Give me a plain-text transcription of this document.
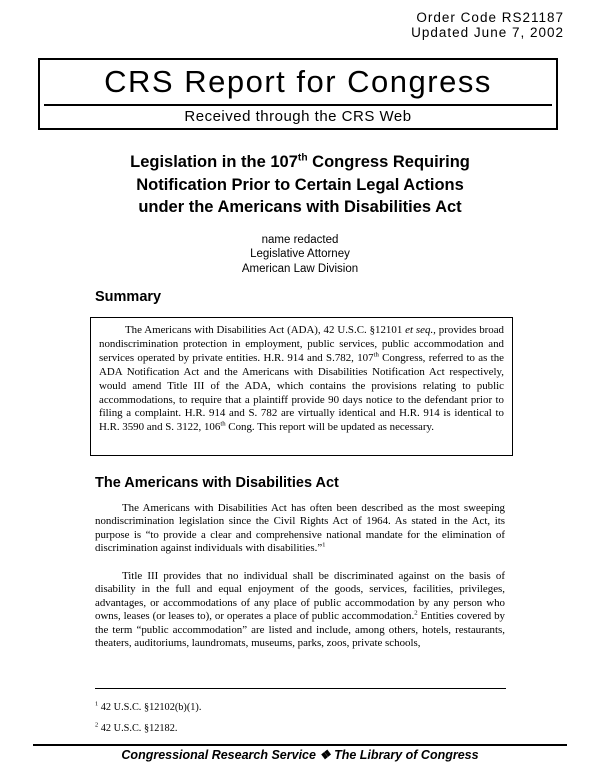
Order Code RS21187
Updated June 7, 2002
CRS Report for Congress
Received through the CRS Web
Legislation in the 107th Congress Requiring
Notification Prior to Certain Legal Actions
under the Americans with Disabilities Act
name redacted
Legislative Attorney
American Law Division
Summary

The Americans with Disabilities Act (ADA), 42 U.S.C. §12101 et seq., provides broad nondiscrimination protection in employment, public services, public accommodation and services operated by private entities. H.R. 914 and S.782, 107th Congress, referred to as the ADA Notification Act and the Americans with Disabilities Notification Act respectively, would amend Title III of the ADA, which contains the provisions relating to public accommodations, to require that a plaintiff provide 90 days notice to the defendant prior to filing a complaint. H.R. 914 and S. 782 are virtually identical and H.R. 914 is identical to H.R. 3590 and S. 3122, 106th Cong. This report will be updated as necessary.

The Americans with Disabilities Act

The Americans with Disabilities Act has often been described as the most sweeping nondiscrimination legislation since the Civil Rights Act of 1964. As stated in the Act, its purpose is “to provide a clear and comprehensive national mandate for the elimination of discrimination against individuals with disabilities.”$^1$

Title III provides that no individual shall be discriminated against on the basis of disability in the full and equal enjoyment of the goods, services, facilities, privileges, advantages, or accommodations of any place of public accommodation by any person who owns, leases (or leases to), or operates a place of public accommodation.$^2$ Entities covered by the term “public accommodation” are listed and include, among others, hotels, restaurants, theaters, auditoriums, laundromats, museums, parks, zoos, private schools,

$^1$ 42 U.S.C. §12102(b)(1).
$^2$ 42 U.S.C. §12182.
Congressional Research Service ❖ The Library of Congress
